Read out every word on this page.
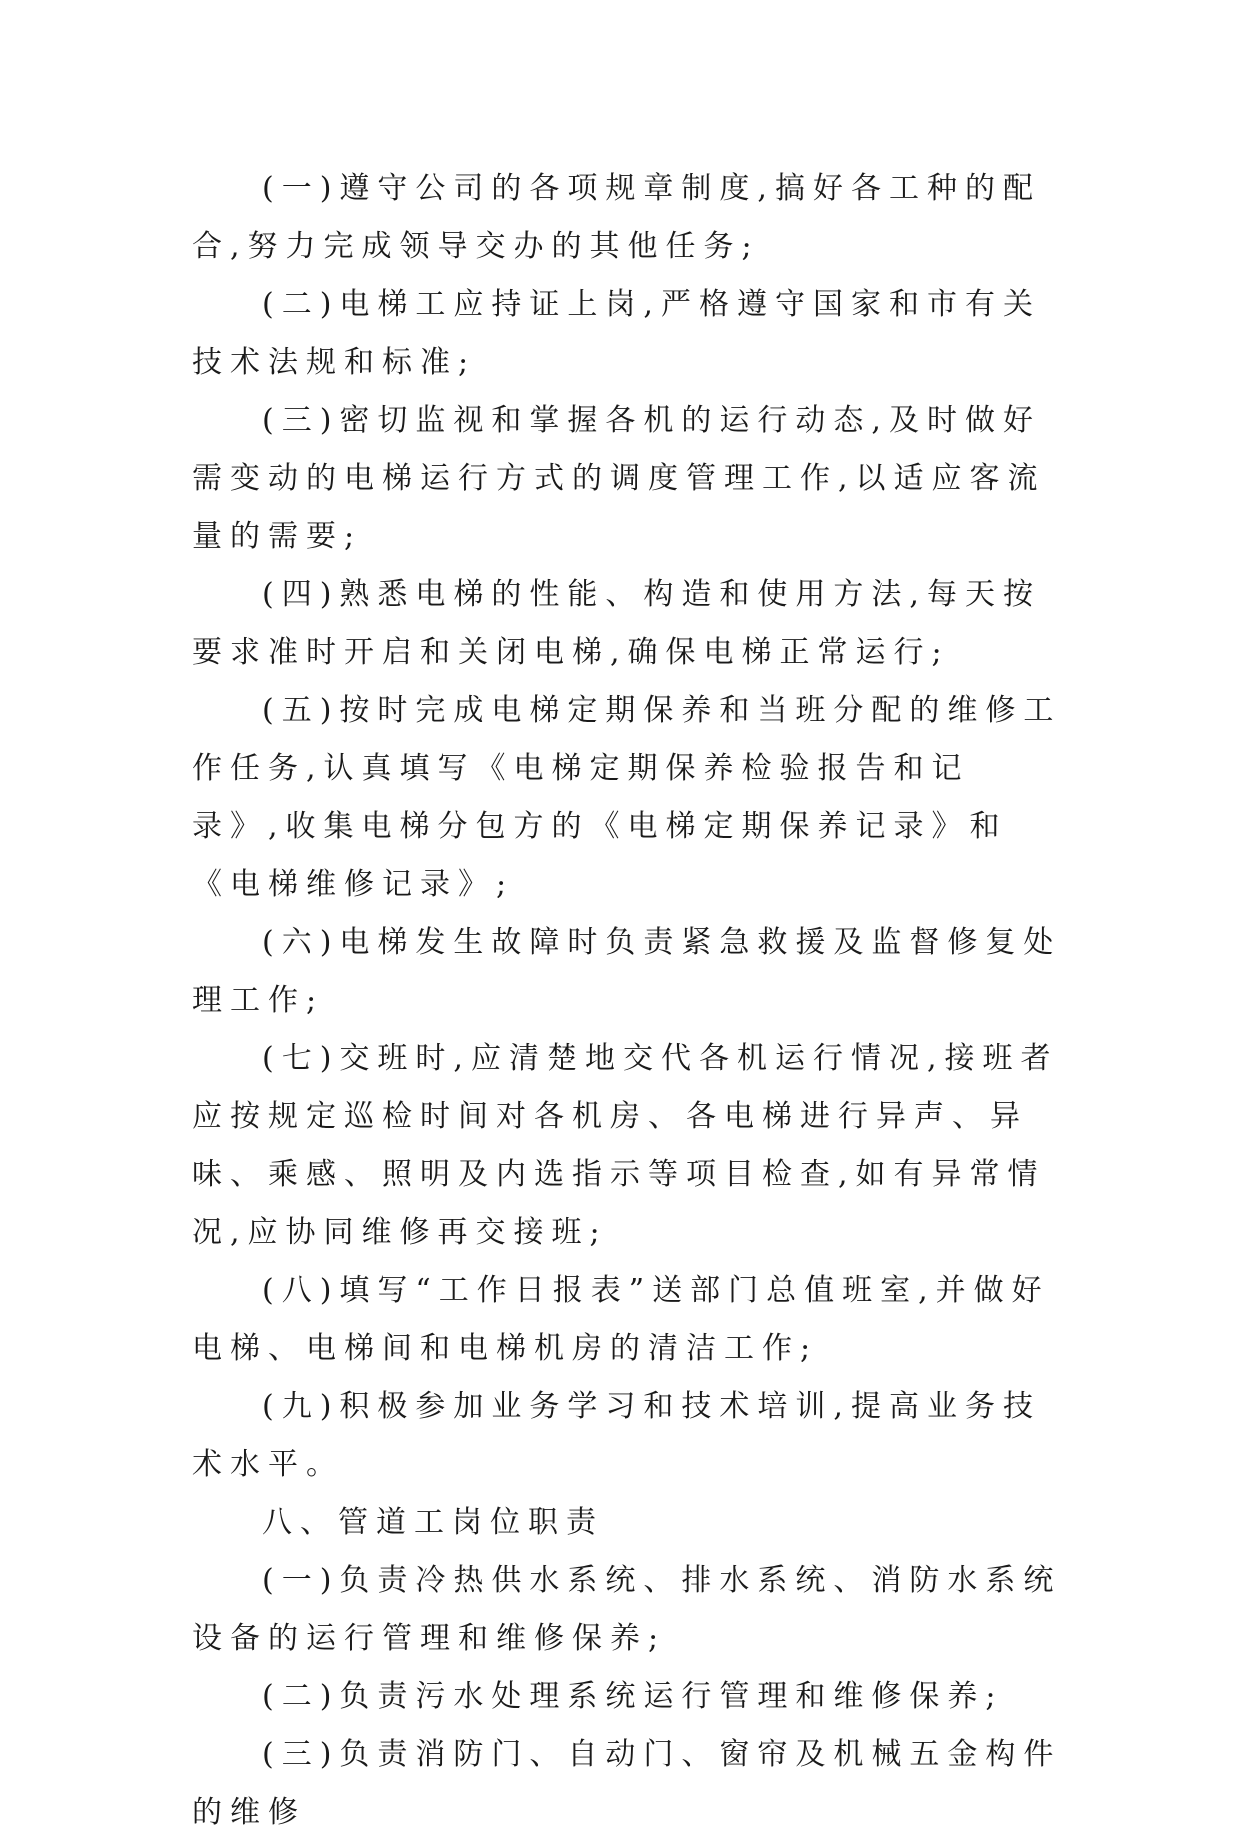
(一)遵守公司的各项规章制度,搞好各工种的配合,努力完成领导交办的其他任务;

(二)电梯工应持证上岗,严格遵守国家和市有关技术法规和标准;

(三)密切监视和掌握各机的运行动态,及时做好需变动的电梯运行方式的调度管理工作,以适应客流量的需要;

(四)熟悉电梯的性能、构造和使用方法,每天按要求准时开启和关闭电梯,确保电梯正常运行;

(五)按时完成电梯定期保养和当班分配的维修工作任务,认真填写《电梯定期保养检验报告和记录》,收集电梯分包方的《电梯定期保养记录》和《电梯维修记录》;

(六)电梯发生故障时负责紧急救援及监督修复处理工作;

(七)交班时,应清楚地交代各机运行情况,接班者应按规定巡检时间对各机房、各电梯进行异声、异味、乘感、照明及内选指示等项目检查,如有异常情况,应协同维修再交接班;

(八)填写“工作日报表”送部门总值班室,并做好电梯、电梯间和电梯机房的清洁工作;

(九)积极参加业务学习和技术培训,提高业务技术水平。

八、管道工岗位职责

(一)负责冷热供水系统、排水系统、消防水系统设备的运行管理和维修保养;

(二)负责污水处理系统运行管理和维修保养;

(三)负责消防门、自动门、窗帘及机械五金构件的维修
